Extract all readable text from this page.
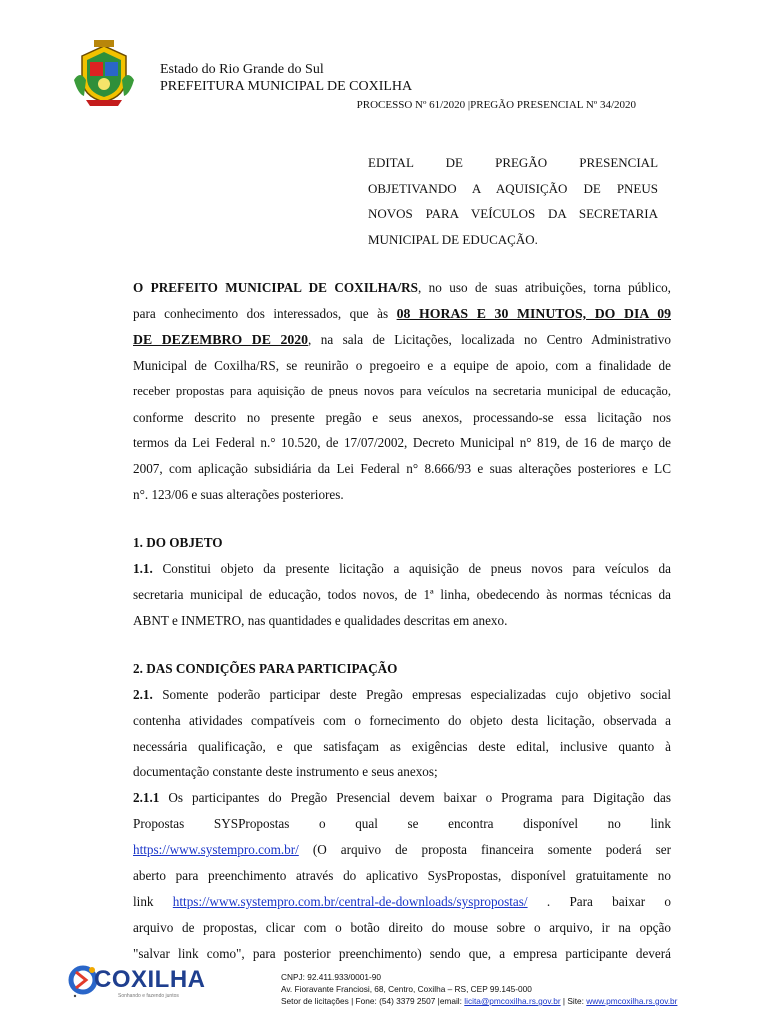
Estado do Rio Grande do Sul
PREFEITURA MUNICIPAL DE COXILHA
PROCESSO Nº 61/2020 |PREGÃO PRESENCIAL Nº 34/2020
EDITAL DE PREGÃO PRESENCIAL
OBJETIVANDO A AQUISIÇÃO DE PNEUS
NOVOS PARA VEÍCULOS DA SECRETARIA
MUNICIPAL DE EDUCAÇÃO.
O PREFEITO MUNICIPAL DE COXILHA/RS, no uso de suas atribuições, torna público,
para conhecimento dos interessados, que às 08 HORAS E 30 MINUTOS, DO DIA 09
DE DEZEMBRO DE 2020, na sala de Licitações, localizada no Centro Administrativo
Municipal de Coxilha/RS, se reunirão o pregoeiro e a equipe de apoio, com a finalidade de
receber propostas para aquisição de pneus novos para veículos na secretaria municipal de educação,
conforme descrito no presente pregão e seus anexos, processando-se essa licitação nos
termos da Lei Federal n.° 10.520, de 17/07/2002, Decreto Municipal n° 819, de 16 de março de
2007, com aplicação subsidiária da Lei Federal n° 8.666/93 e suas alterações posteriores e LC
n°. 123/06 e suas alterações posteriores.
1. DO OBJETO
1.1. Constitui objeto da presente licitação a aquisição de pneus novos para veículos da
secretaria municipal de educação, todos novos, de 1ª linha, obedecendo às normas técnicas da
ABNT e INMETRO, nas quantidades e qualidades descritas em anexo.
2. DAS CONDIÇÕES PARA PARTICIPAÇÃO
2.1. Somente poderão participar deste Pregão empresas especializadas cujo objetivo social
contenha atividades compatíveis com o fornecimento do objeto desta licitação, observada a
necessária qualificação, e que satisfaçam as exigências deste edital, inclusive quanto à
documentação constante deste instrumento e seus anexos;
2.1.1 Os participantes do Pregão Presencial devem baixar o Programa para Digitação das
Propostas SYSPropostas o qual se encontra disponível no link
https://www.systempro.com.br/ (O arquivo de proposta financeira somente poderá ser
aberto para preenchimento através do aplicativo SysPropostas, disponível gratuitamente no
link https://www.systempro.com.br/central-de-downloads/syspropostas/ . Para baixar o
arquivo de propostas, clicar com o botão direito do mouse sobre o arquivo, ir na opção
"salvar link como", para posterior preenchimento) sendo que, a empresa participante deverá
COXILHA
Sonhando e fazendo juntos
CNPJ: 92.411.933/0001-90
Av. Fioravante Franciosi, 68, Centro, Coxilha – RS, CEP 99.145-000
Setor de licitações | Fone: (54) 3379 2507 |email: licita@pmcoxilha.rs.gov.br | Site: www.pmcoxilha.rs.gov.br
